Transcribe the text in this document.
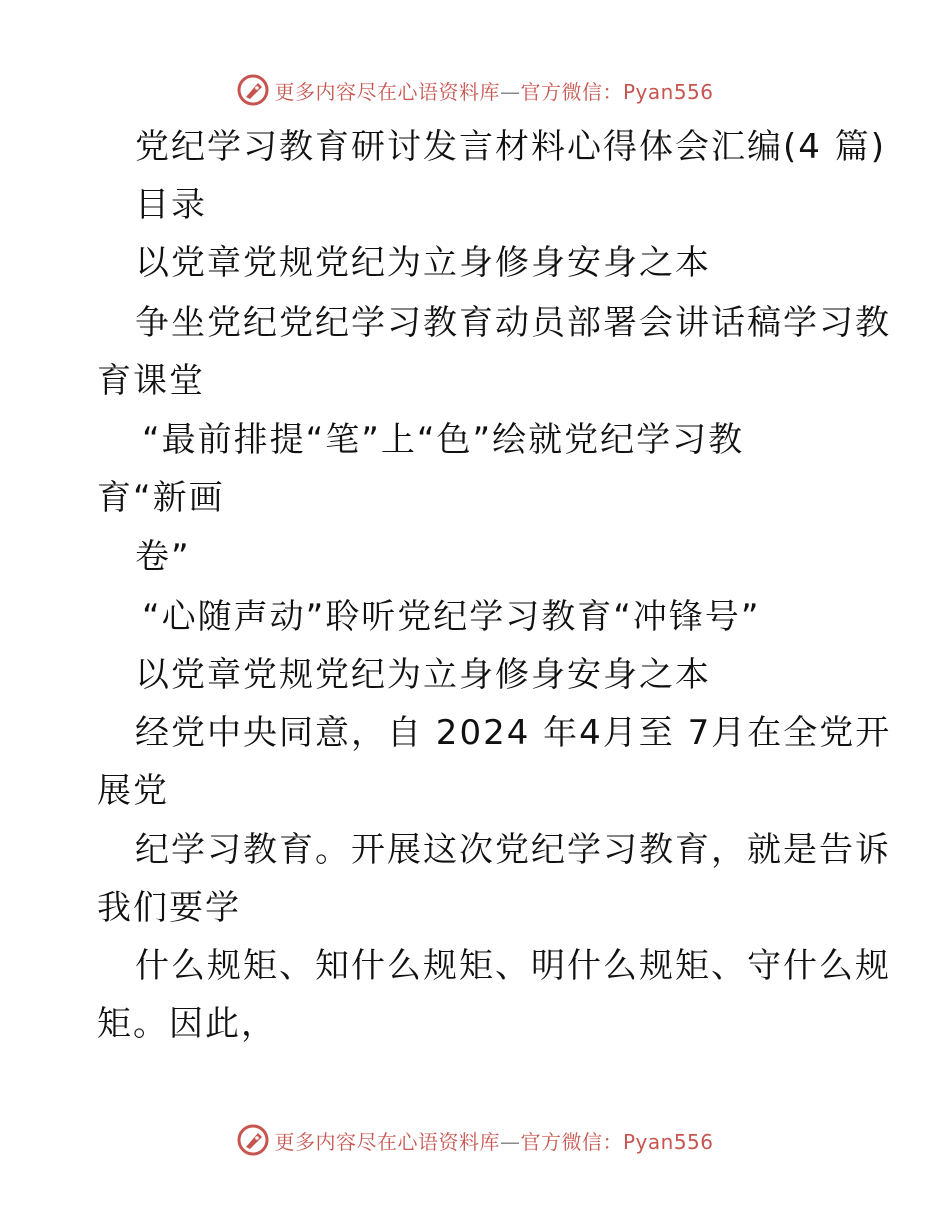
更多内容尽在心语资料库—官方微信：Pyan556
党纪学习教育研讨发言材料心得体会汇编(4 篇)
目录
以党章党规党纪为立身修身安身之本
争坐党纪党纪学习教育动员部署会讲话稿学习教
育课堂
“最前排提“笔”上“色”绘就党纪学习教
育“新画
卷”
“心随声动”聆听党纪学习教育“冲锋号”
以党章党规党纪为立身修身安身之本
经党中央同意，自 2024 年4月至 7月在全党开
展党
纪学习教育。开展这次党纪学习教育，就是告诉
我们要学
什么规矩、知什么规矩、明什么规矩、守什么规
矩。因此，
更多内容尽在心语资料库—官方微信：Pyan556
